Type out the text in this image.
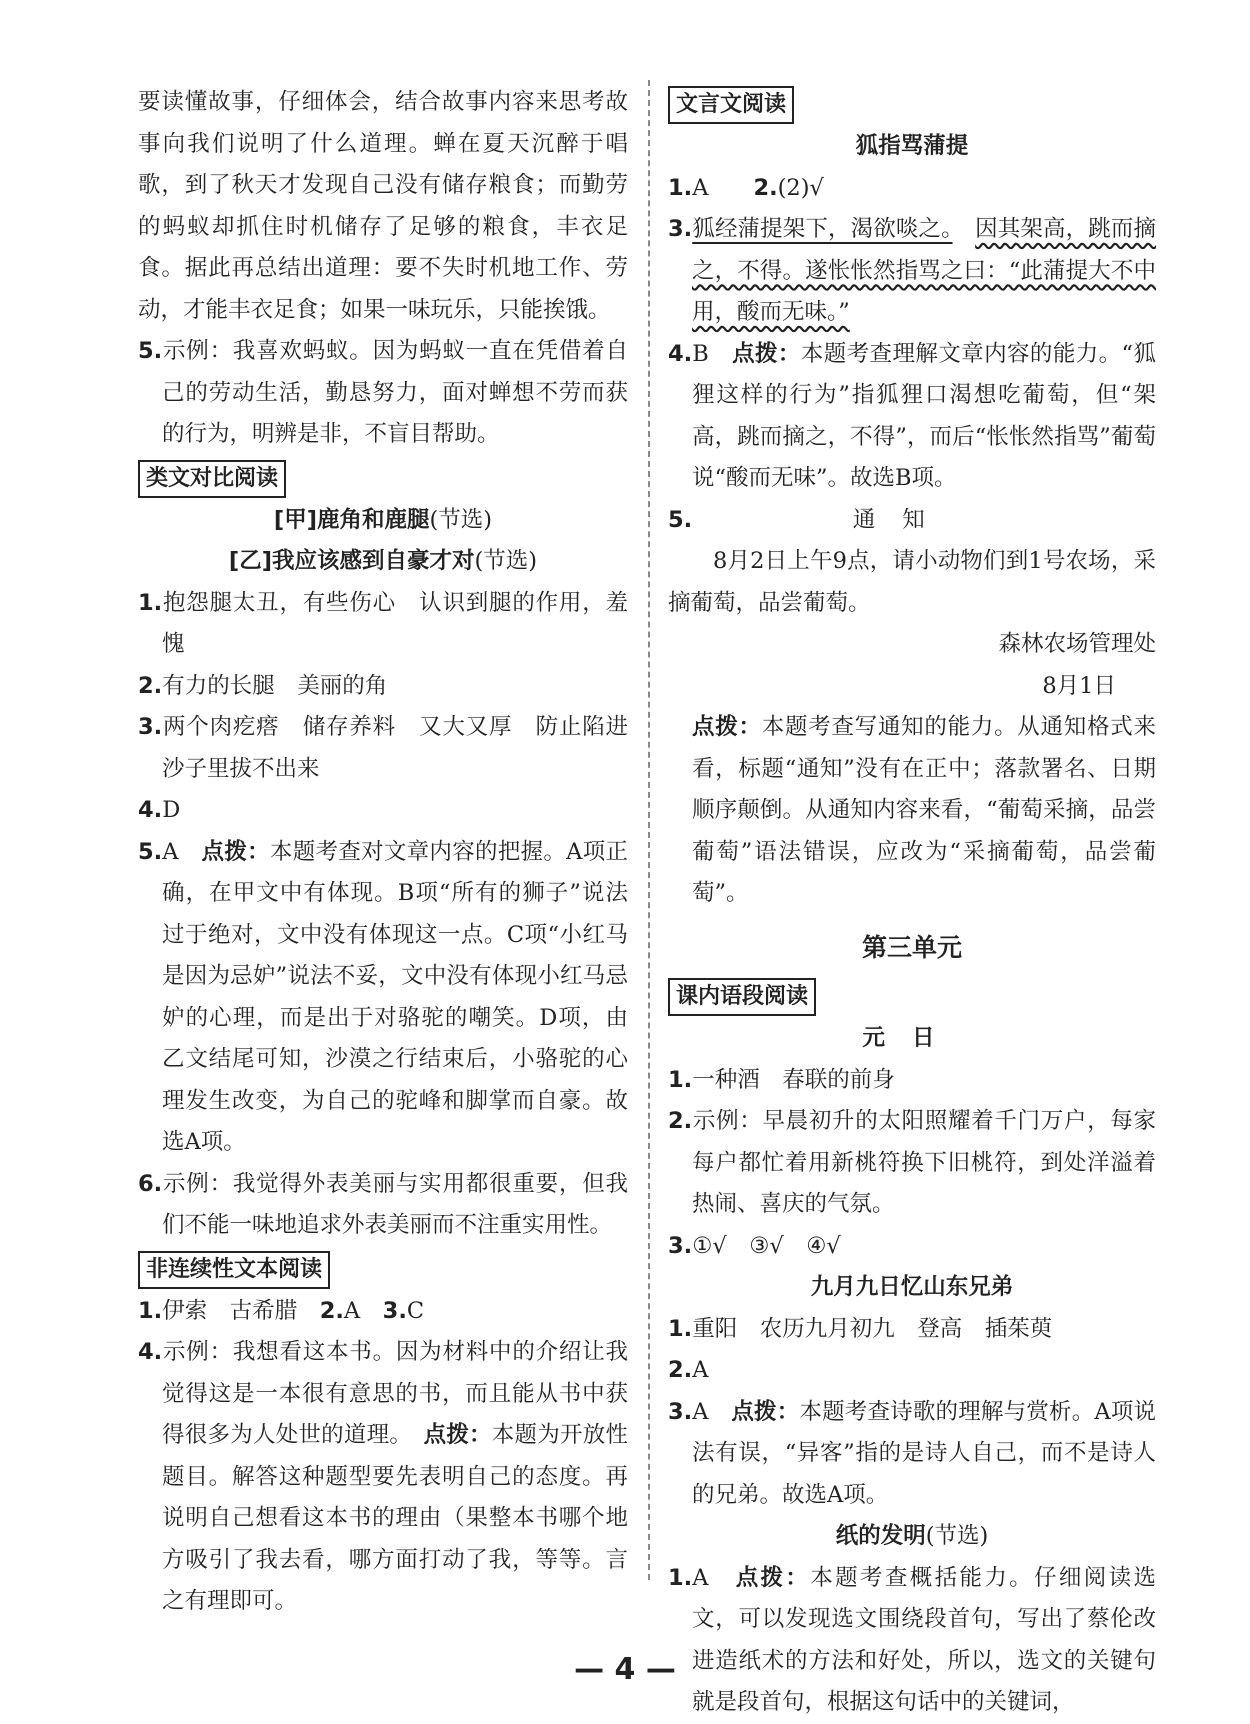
要读懂故事，仔细体会，结合故事内容来思考故事向我们说明了什么道理。蝉在夏天沉醉于唱歌，到了秋天才发现自己没有储存粮食；而勤劳的蚂蚁却抓住时机储存了足够的粮食，丰衣足食。据此再总结出道理：要不失时机地工作、劳动，才能丰衣足食；如果一味玩乐，只能挨饿。

5.示例：我喜欢蚂蚁。因为蚂蚁一直在凭借着自己的劳动生活，勤恳努力，面对蝉想不劳而获的行为，明辨是非，不盲目帮助。

类文对比阅读

[甲]鹿角和鹿腿(节选)

[乙]我应该感到自豪才对(节选)

1.抱怨腿太丑，有些伤心　认识到腿的作用，羞愧

2.有力的长腿　美丽的角

3.两个肉疙瘩　储存养料　又大又厚　防止陷进沙子里拔不出来

4.D

5.A　点拨：本题考查对文章内容的把握。A项正确，在甲文中有体现。B项“所有的狮子”说法过于绝对，文中没有体现这一点。C项“小红马是因为忌妒”说法不妥，文中没有体现小红马忌妒的心理，而是出于对骆驼的嘲笑。D项，由乙文结尾可知，沙漠之行结束后，小骆驼的心理发生改变，为自己的驼峰和脚掌而自豪。故选A项。

6.示例：我觉得外表美丽与实用都很重要，但我们不能一味地追求外表美丽而不注重实用性。

非连续性文本阅读

1.伊索　古希腊　2.A　3.C

4.示例：我想看这本书。因为材料中的介绍让我觉得这是一本很有意思的书，而且能从书中获得很多为人处世的道理。　点拨：本题为开放性题目。解答这种题型要先表明自己的态度。再说明自己想看这本书的理由（果整本书哪个地方吸引了我去看，哪方面打动了我，等等。言之有理即可。

文言文阅读

狐指骂蒲提

1.A　　2.(2)√

3.狐经蒲提架下，渴欲啖之。　 因其架高，跳而摘之，不得。遂怅怅然指骂之曰：“此蒲提大不中用，酸而无味。”

4.B　点拨：本题考查理解文章内容的能力。“狐狸这样的行为”指狐狸口渴想吃葡萄，但“架高，跳而摘之，不得”，而后“怅怅然指骂”葡萄说“酸而无味”。故选B项。

5.	通知

8月2日上午9点，请小动物们到1号农场，采摘葡萄，品尝葡萄。

森林农场管理处

8月1日

点拨：本题考查写通知的能力。从通知格式来看，标题“通知”没有在正中；落款署名、日期顺序颠倒。从通知内容来看，“葡萄采摘，品尝葡萄”语法错误，应改为“采摘葡萄，品尝葡萄”。

第三单元
课内语段阅读

元日

1.一种酒　春联的前身

2.示例：早晨初升的太阳照耀着千门万户，每家每户都忙着用新桃符换下旧桃符，到处洋溢着热闹、喜庆的气氛。

3.①√　③√　④√

九月九日忆山东兄弟

1.重阳　农历九月初九　登高　插茱萸

2.A

3.A　点拨：本题考查诗歌的理解与赏析。A项说法有误，“异客”指的是诗人自己，而不是诗人的兄弟。故选A项。

纸的发明(节选)

1.A　点拨：本题考查概括能力。仔细阅读选文，可以发现选文围绕段首句，写出了蔡伦改进造纸术的方法和好处，所以，选文的关键句就是段首句，根据这句话中的关键词，

— 4 —
